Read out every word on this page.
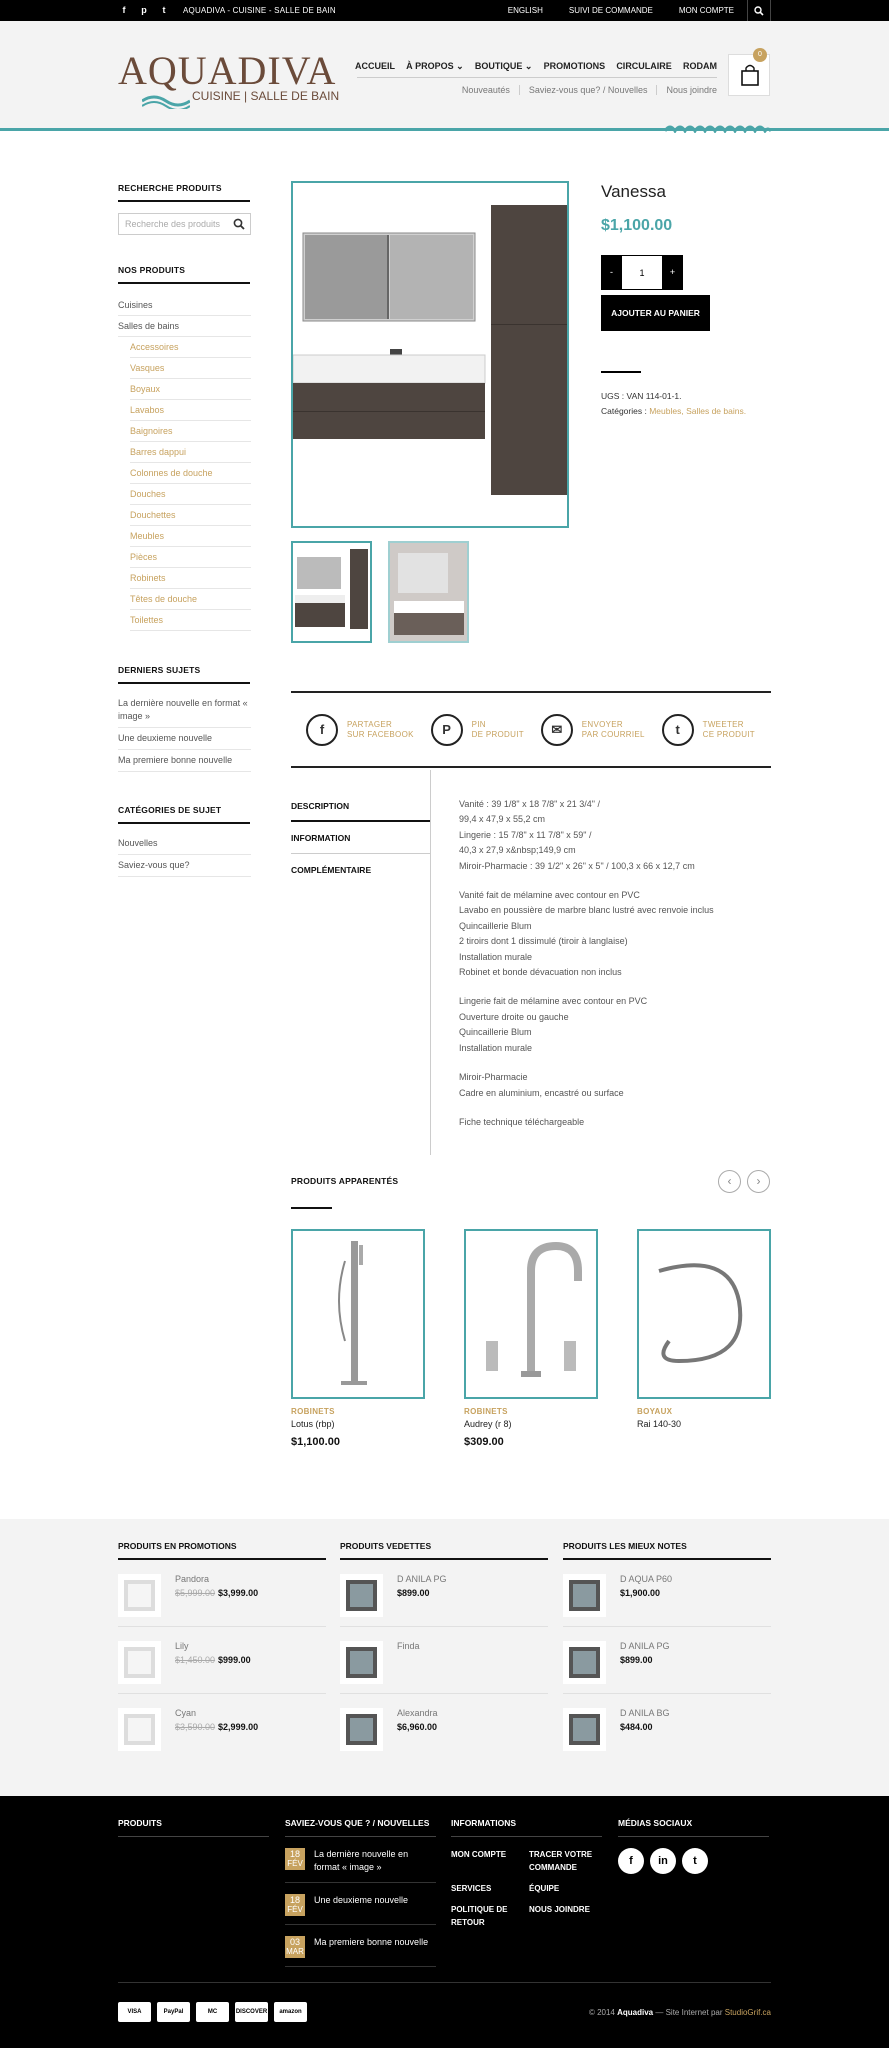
f	p	t	AQUADIVA - CUISINE - SALLE DE BAIN	ENGLISH	SUIVI DE COMMANDE	MON COMPTE
AQUADIVA
CUISINE | SALLE DE BAIN
ACCUEIL À PROPOS ⌄ BOUTIQUE ⌄ PROMOTIONS CIRCULAIRE RODAM
Nouveautés	Saviez-vous que? / Nouvelles	Nous joindre
0
RECHERCHE PRODUITS
Recherche des produits
NOS PRODUITS
Cuisines
Salles de bains
Accessoires
Vasques
Boyaux
Lavabos
Baignoires
Barres dappui
Colonnes de douche
Douches
Douchettes
Meubles
Pièces
Robinets
Têtes de douche
Toilettes
DERNIERS SUJETS
La dernière nouvelle en format « image »
Une deuxieme nouvelle
Ma premiere bonne nouvelle
CATÉGORIES DE SUJET
Nouvelles
Saviez-vous que?
Vanessa
$1,100.00
-	1	+
AJOUTER AU PANIER
UGS : VAN 114-01-1.
Catégories : Meubles, Salles de bains.
f	PARTAGER
SUR FACEBOOK	P	PIN
DE PRODUIT	✉	ENVOYER
PAR COURRIEL	t	TWEETER
CE PRODUIT
DESCRIPTION
INFORMATION COMPLÉMENTAIRE
Vanité : 39 1/8" x 18 7/8" x 21 3/4" /
99,4 x 47,9 x 55,2 cm
Lingerie : 15 7/8" x 11 7/8" x 59" /
40,3 x 27,9 x&nbsp;149,9 cm
Miroir-Pharmacie : 39 1/2" x 26" x 5" / 100,3 x 66 x 12,7 cm
Vanité fait de mélamine avec contour en PVC
Lavabo en poussière de marbre blanc lustré avec renvoie inclus
Quincaillerie Blum
2 tiroirs dont 1 dissimulé (tiroir à langlaise)
Installation murale
Robinet et bonde dévacuation non inclus
Lingerie fait de mélamine avec contour en PVC
Ouverture droite ou gauche
Quincaillerie Blum
Installation murale
Miroir-Pharmacie
Cadre en aluminium, encastré ou surface
Fiche technique téléchargeable
PRODUITS APPARENTÉS	‹	›
ROBINETS
Lotus (rbp)
$1,100.00
ROBINETS
Audrey (r 8)
$309.00
BOYAUX
Rai 140-30
PRODUITS EN PROMOTIONS
Pandora
$5,999.00 $3,999.00
Lily
$1,450.00 $999.00
Cyan
$3,590.00 $2,999.00
PRODUITS VEDETTES
D ANILA PG
$899.00
Finda
Alexandra
$6,960.00
PRODUITS LES MIEUX NOTES
D AQUA P60
$1,900.00
D ANILA PG
$899.00
D ANILA BG
$484.00
PRODUITS	SAVIEZ-VOUS QUE ? / NOUVELLES
18
FÉV
La dernière nouvelle en format « image »
18
FÉV
Une deuxieme nouvelle
03
MAR
Ma premiere bonne nouvelle
INFORMATIONS
MON COMPTE	TRACER VOTRE COMMANDE
SERVICES	ÉQUIPE
POLITIQUE DE RETOUR
NOUS JOINDRE
MÉDIAS SOCIAUX
f	in	t
VISA	PayPal	MC	DISCOVER	amazon	© 2014 Aquadiva — Site Internet par StudioGrif.ca
